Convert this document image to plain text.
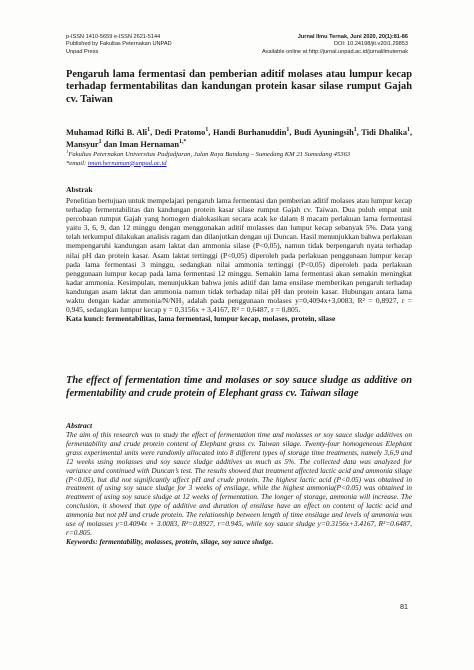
p-ISSN 1410-5659 e-ISSN 2621-5144
Published by Fakultas Peternakan UNPAD
Unpad Press
Jurnal Ilmu Ternak, Juni 2020, 20(1):81-86
DOI: 10.24198/jit.v20i1.29853
Available online at http://jurnal.unpad.ac.id/jurnalilmuternak
Pengaruh lama fermentasi dan pemberian aditif molases atau lumpur kecap terhadap fermentabilitas dan kandungan protein kasar silase rumput Gajah cv. Taiwan
Muhamad Rifki B. Ali$^1$, Dedi Pratomo$^1$, Handi Burhanuddin$^1$, Budi Ayuningsih$^1$, Tidi Dhalika$^1$, Mansyur$^1$ dan Iman Hernaman$^{1,*}$
$^1$Fakultas Peternakan Universitas Padjadjaran, Jalan Raya Bandung – Sumedang KM 21 Sumedang 45363
*email: iman.hernaman@unpad.ac.id
Abstrak
Penelitian bertujuan untuk mempelajari pengaruh lama fermentasi dan pemberian aditif molases atau lumpur kecap terhadap fermentabilitas dan kandungan protein kasar silase rumput Gajah cv. Taiwan. Dua puluh empat unit percobaan rumput Gajah yang homogen dialokasikan secara acak ke dalam 8 macam perlakuan lama fermentasi yaitu 3, 6, 9, dan 12 minggu dengan menggunakan aditif molasses dan lumpur kecap sebanyak 5%. Data yang telah terkumpul dilakukan analisis ragam dan dilanjutkan dengan uji Duncan. Hasil menunjukkan bahwa perlakuan mempengaruhi kandungan asam laktat dan ammonia silase (P<0,05), namun tidak berpengaruh nyata terhadap nilai pH dan protein kasar. Asam laktat tertinggi (P<0,05) diperoleh pada perlakuan penggunaan lumpur kecap pada lama fermentasi 3 minggu, sedangkan nilai ammonia tertinggi (P<0,05) diperoleh pada perlakuan penggunaan lumpur kecap pada lama fermentasi 12 minggu. Semakin lama fermentasi akan semakin meningkat kadar ammonia. Kesimpulan, menunjukkan bahwa jenis aditif dan lama ensilase memberikan pengaruh terhadap kandungan asam laktat dan ammonia namun tidak terhadap nilai pH dan protein kasar. Hubungan antara lama waktu dengan kadar ammonia/N/NH₃ adalah pada penggunaan molases y=0,4094x+3,0083, R² = 0,8927, r = 0,945, sedangkan lumpur kecap y = 0,3156x + 3,4167, R² = 0,6487, r = 0,805.
Kata kunci: fermentabilitas, lama fermentasi, lumpur kecap, molases, protein, silase
The effect of fermentation time and molases or soy sauce sludge as additive on fermentability and crude protein of Elephant grass cv. Taiwan silage
Abstract
The aim of this research was to study the effect of fermentation time and molasses or soy sauce sludge additives on fermentability and crude protein content of Elephant grass cv. Taiwan silage. Twenty-four homogeneous Elephant grass experimental units were randomly allocated into 8 different types of storage time treatments, namely 3,6,9 and 12 weeks using molasses and soy sauce sludge additives as much as 5%. The collected data was analyzed for variance and continued with Duncan’s test. The results showed that treatment affected lactic acid and ammonia silage (P<0.05), but did not significantly affect pH and crude protein. The highest lactic acid (P<0.05) was obtained in treatment of using soy sauce sludge for 3 weeks of ensilage, while the highest ammonia(P<0.05) was obtained in treatment of using soy sauce sludge at 12 weeks of fermentation. The longer of storage, ammonia will increase. The conclusion, it showed that type of additive and duration of ensilase have an effect on content of lactic acid and ammonia but not pH and crude protein. The relationship between length of time ensilage and levels of ammonia was use of molasses y=0.4094x + 3.0083, R²=0.8927, r=0.945, while soy sauce sludge y=0.3156x+3.4167, R²=0.6487, r=0.805.
Keywords: fermentability, molasses, protein, silage, soy sauce sludge.
81
